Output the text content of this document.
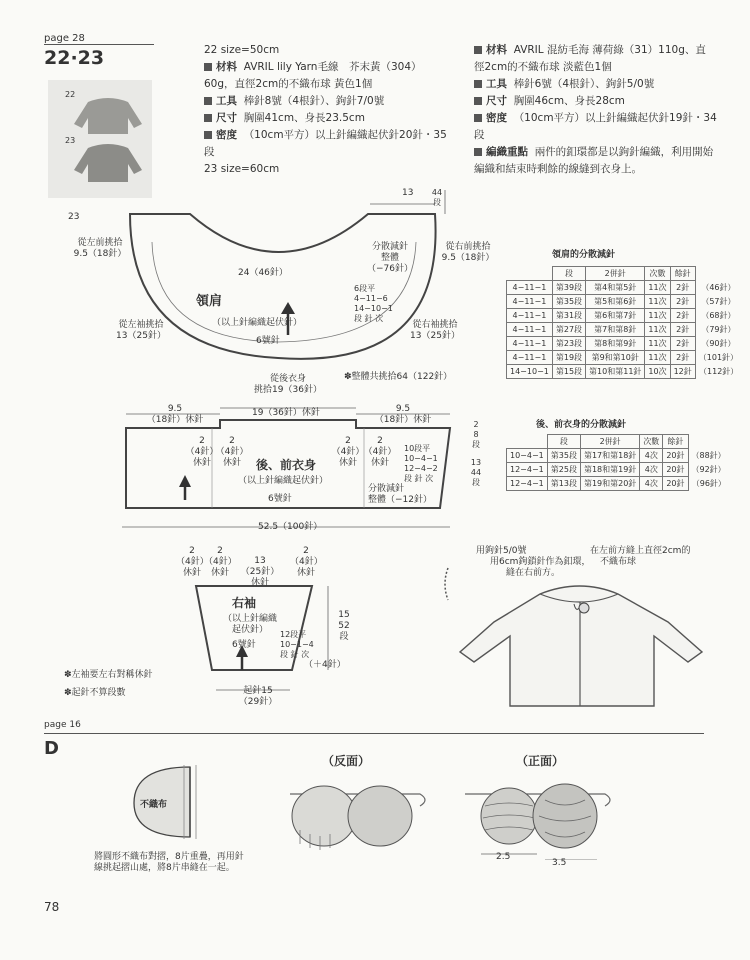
page 28
22·23
22
23
22 size=50cm
材料 AVRIL lily Yarn毛線　芥末黃（304）
60g，直徑2cm的不織布球 黃色1個
工具 棒針8號（4根針）、鉤針7/0號
尺寸 胸圍41cm、身長23.5cm
密度 （10cm平方）以上針編織起伏針20針・35
段
23 size=60cm
材料 AVRIL 混紡毛海 薄荷綠（31）110g、直
徑2cm的不織布球 淡藍色1個
工具 棒針6號（4根針）、鉤針5/0號
尺寸 胸圍46cm、身長28cm
密度 （10cm平方）以上針編織起伏針19針・34
段
編織重點 兩件的釦環都是以鉤針編織，利用開始
編織和結束時剩餘的線縫到衣身上。
13 44
段
23
從左前挑拾
9.5（18針）
從右前挑拾
9.5（18針）
24（46針）
分散減針
整體
（−76針）
6段平
4−11−6
14−10−1
段 針 次
領肩
（以上針編織起伏針）
6號針
從左袖挑拾
13（25針）
從右袖挑拾
13（25針）
從後衣身
挑拾19（36針）
✽整體共挑拾64（122針）
9.5
（18針）休針
19（36針）休針	9.5
（18針）休針
2
（4針）
休針
2
（4針）
休針
2
（4針）
休針
2
（4針）
休針
後、前衣身
（以上針編織起伏針）
6號針
10段平
10−4−1
12−4−2
段 針 次
分散減針
整體（−12針）
52.5（100針）
2
8
段
13
44
段
2
（4針）
休針
2
（4針）
休針
13
（25針）
休針
2
（4針）
休針
右袖
（以上針編織
起伏針）
6號針
12段平
10−1−4
段 針 次
15
52
段
（＋4針）
起針15
（29針）
✽左袖要左右對稱休針
✽起針不算段數
領肩的分散減針
	段	2併針	次數	餘針	
4−11−1	第39段	第4和第5針	11次	2針	（46針）
4−11−1	第35段	第5和第6針	11次	2針	（57針）
4−11−1	第31段	第6和第7針	11次	2針	（68針）
4−11−1	第27段	第7和第8針	11次	2針	（79針）
4−11−1	第23段	第8和第9針	11次	2針	（90針）
4−11−1	第19段	第9和第10針	11次	2針	（101針）
14−10−1	第15段	第10和第11針	10次	12針	（112針）
後、前衣身的分散減針
	段	2併針	次數	餘針	
10−4−1	第35段	第17和第18針	4次	20針	（88針）
12−4−1	第25段	第18和第19針	4次	20針	（92針）
12−4−1	第13段	第19和第20針	4次	20針	（96針）
用鉤針5/0號
用6cm鉤鎖針作為釦環，
縫在右前方。
在左前方縫上直徑2cm的
不織布球
page 16
D
不織布
（反面）	（正面）
2.5
3.5
將圓形不織布對摺，8片重疊，再用針
線挑起摺山處，將8片串縫在一起。
78
